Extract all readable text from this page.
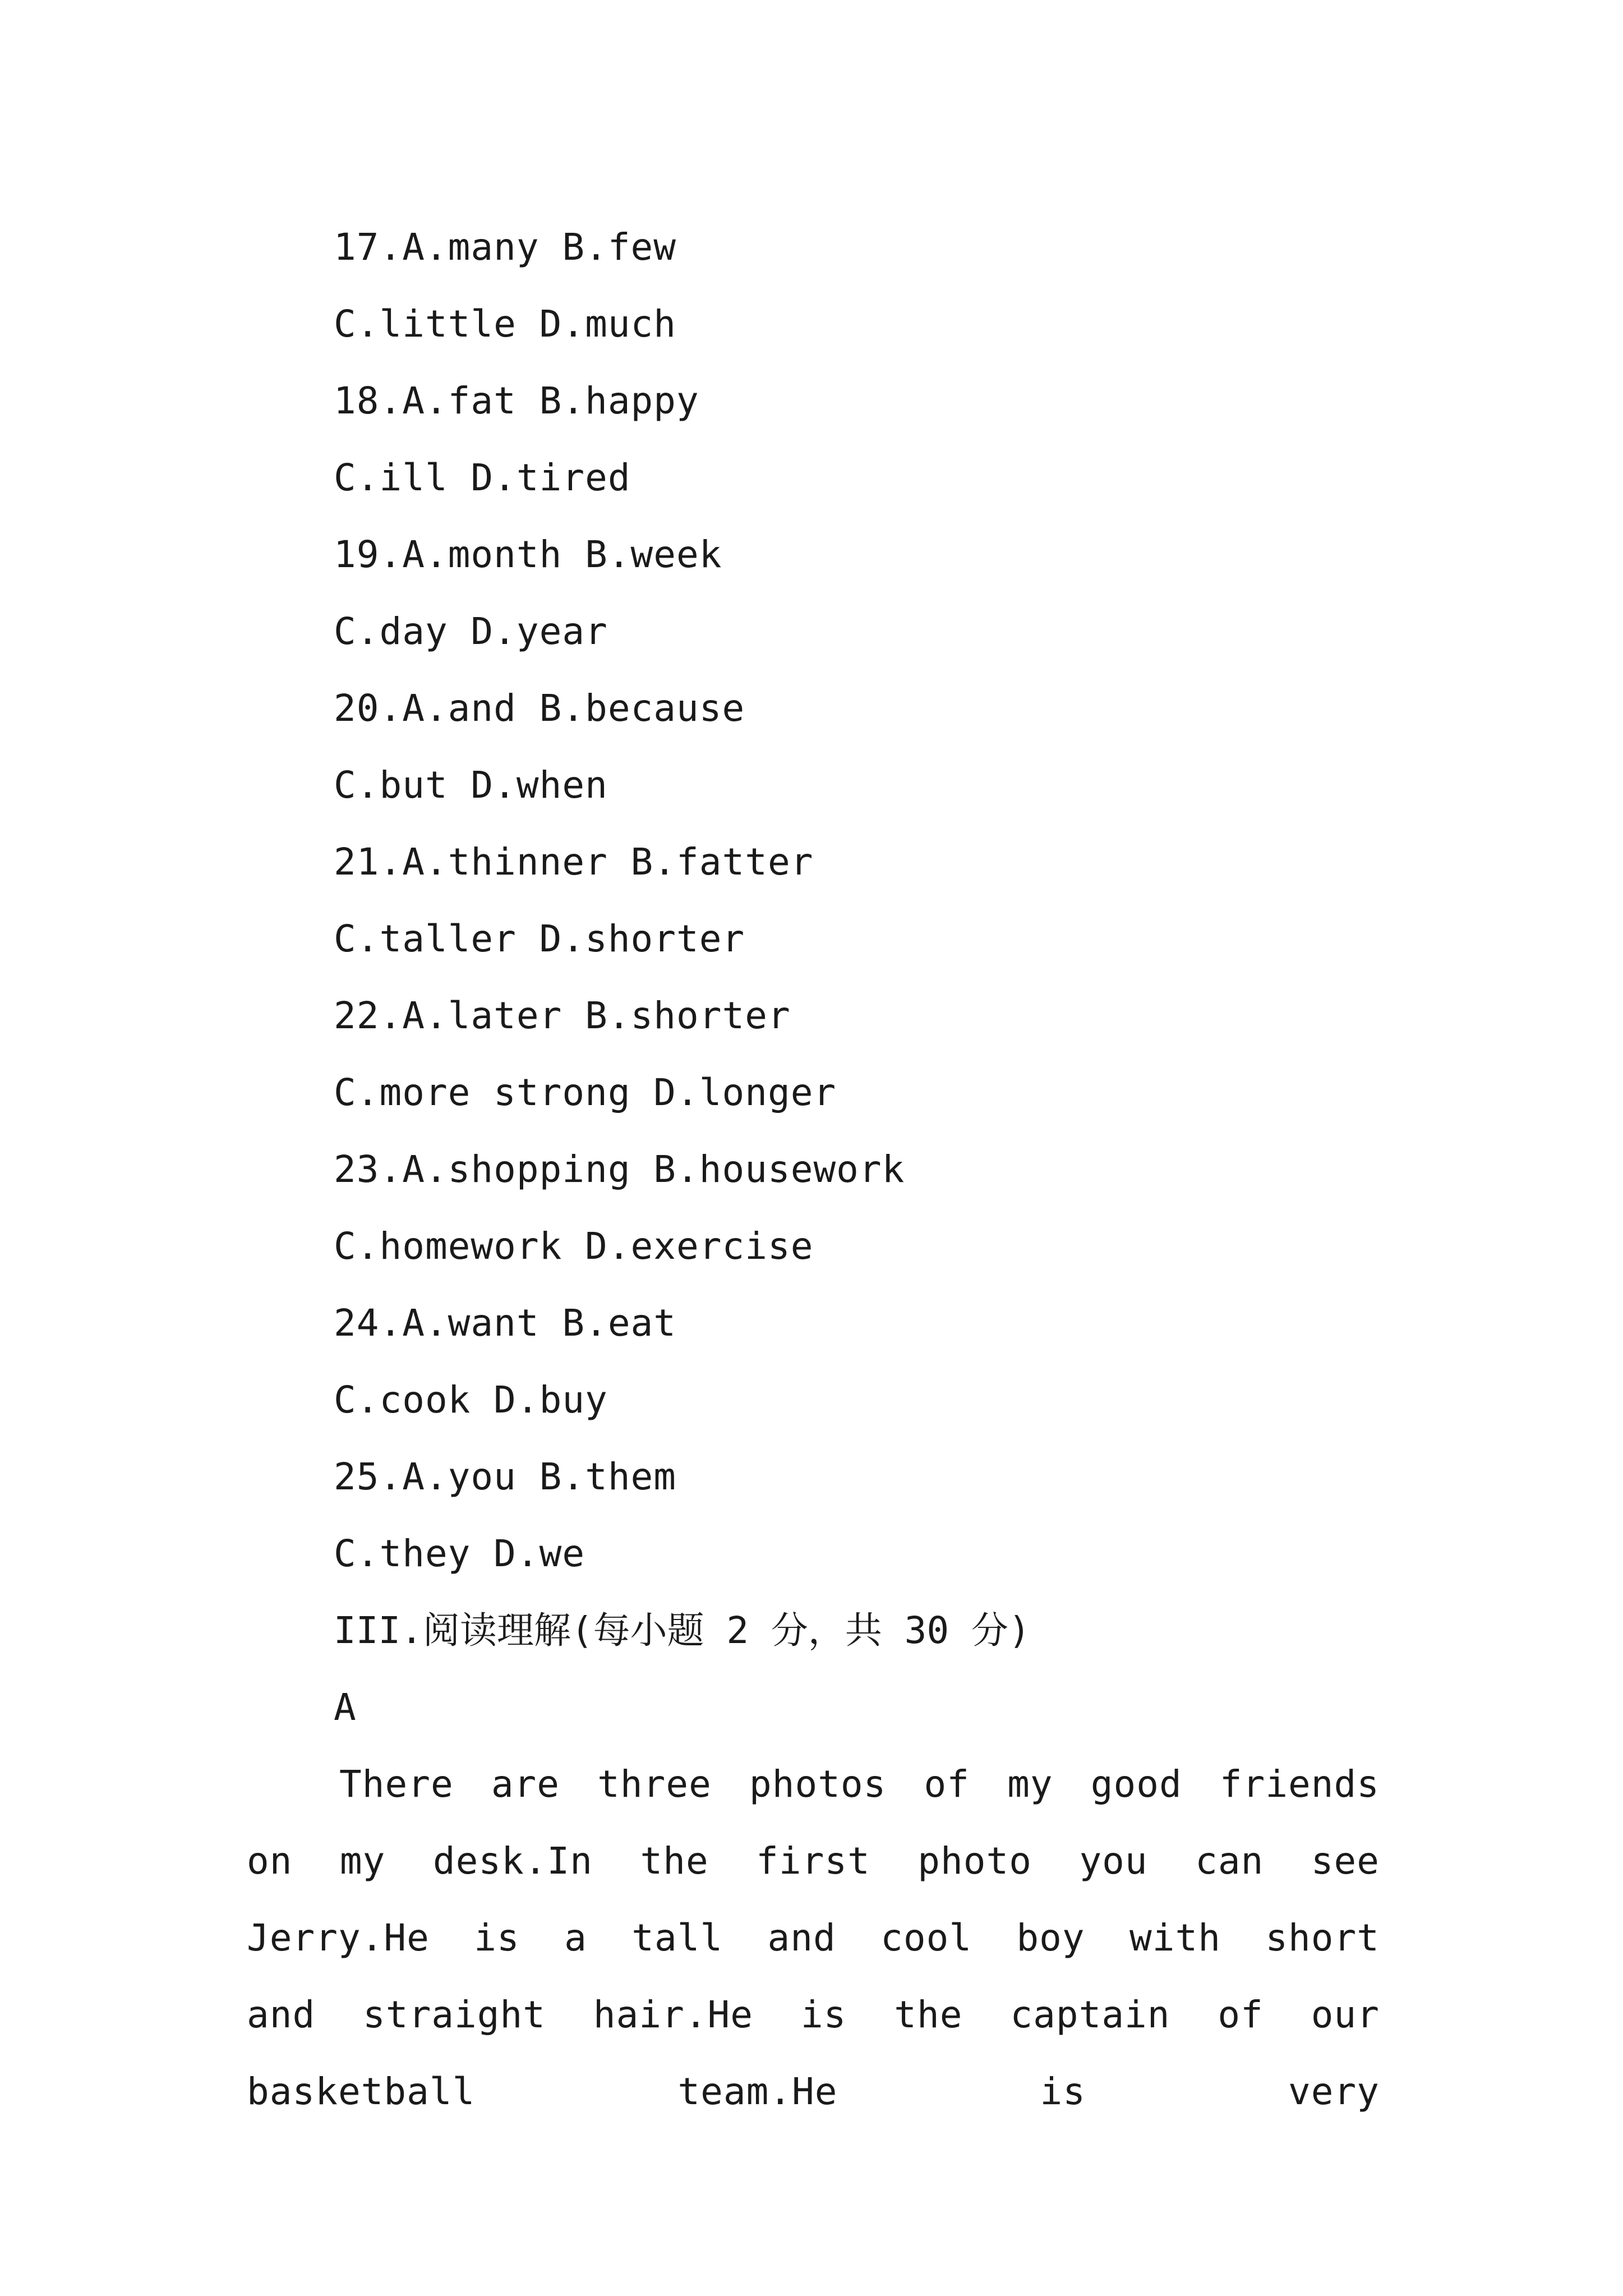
17.A.many B.few
C.little D.much
18.A.fat B.happy
C.ill D.tired
19.A.month B.week
C.day D.year
20.A.and B.because
C.but D.when
21.A.thinner B.fatter
C.taller D.shorter
22.A.later B.shorter
C.more strong D.longer
23.A.shopping B.housework
C.homework D.exercise
24.A.want B.eat
C.cook D.buy
25.A.you B.them
C.they D.we
III.阅读理解(每小题 2 分，共 30 分)
A
There are three photos of my good friends on my desk.In the first photo you can see Jerry.He is a tall and cool boy with short and straight hair.He is the captain of our basketball team.He is very
